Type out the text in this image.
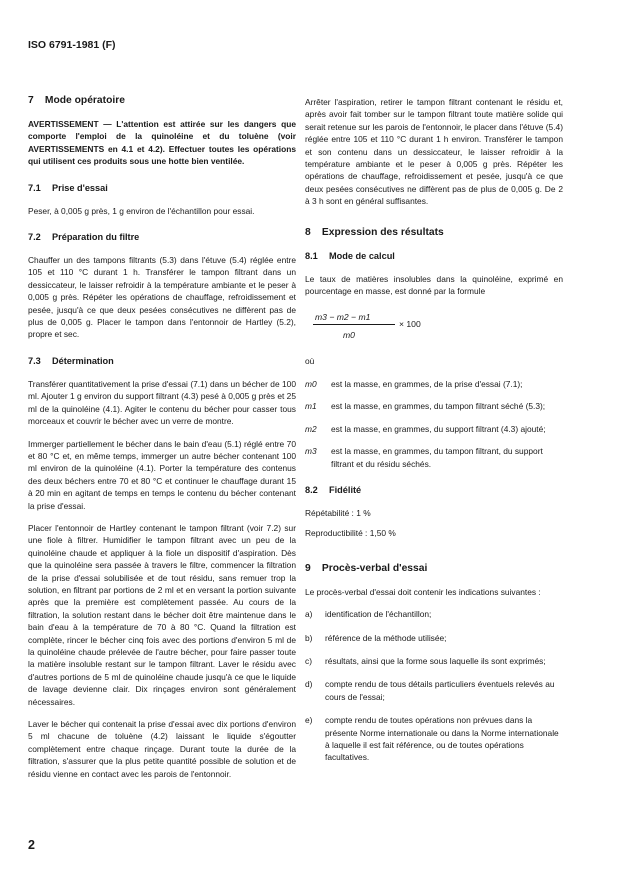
ISO 6791-1981 (F)
7 Mode opératoire

AVERTISSEMENT — L'attention est attirée sur les dangers que comporte l'emploi de la quinoléine et du toluène (voir AVERTISSEMENTS en 4.1 et 4.2). Effectuer toutes les opérations qui utilisent ces produits sous une hotte bien ventilée.

7.1 Prise d'essai

Peser, à 0,005 g près, 1 g environ de l'échantillon pour essai.

7.2 Préparation du filtre

Chauffer un des tampons filtrants (5.3) dans l'étuve (5.4) réglée entre 105 et 110 °C durant 1 h. Transférer le tampon filtrant dans un dessiccateur, le laisser refroidir à la température ambiante et le peser à 0,005 g près. Répéter les opérations de chauffage, refroidissement et pesée, jusqu'à ce que deux pesées consécutives ne diffèrent pas de plus de 0,005 g. Placer le tampon dans l'entonnoir de Hartley (5.2), propre et sec.

7.3 Détermination

Transférer quantitativement la prise d'essai (7.1) dans un bécher de 100 ml. Ajouter 1 g environ du support filtrant (4.3) pesé à 0,005 g près et 25 ml de la quinoléine (4.1). Agiter le contenu du bécher pour casser tous morceaux et couvrir le bécher avec un verre de montre.

Immerger partiellement le bécher dans le bain d'eau (5.1) réglé entre 70 et 80 °C et, en même temps, immerger un autre bécher contenant 100 ml environ de la quinoléine (4.1). Porter la température des contenus des deux béchers entre 70 et 80 °C et continuer le chauffage durant 15 à 20 min en agitant de temps en temps le contenu du bécher contenant la prise d'essai.

Placer l'entonnoir de Hartley contenant le tampon filtrant (voir 7.2) sur une fiole à filtrer. Humidifier le tampon filtrant avec un peu de la quinoléine chaude et appliquer à la fiole un dispositif d'aspiration. Dès que la quinoléine sera passée à travers le filtre, commencer la filtration de la prise d'essai solubilisée et de tout résidu, sans remuer trop la solution, en filtrant par portions de 2 ml et en versant la portion suivante après que la première est complètement passée. Au cours de la filtration, la solution restant dans le bécher doit être maintenue dans le bain d'eau à la température de 70 à 80 °C. Quand la filtration est complète, rincer le bécher cinq fois avec des portions d'environ 5 ml de la quinoléine chaude prélevée de l'autre bécher, pour faire passer toute la matière insoluble restant sur le tampon filtrant. Laver le résidu avec d'autres portions de 5 ml de quinoléine chaude jusqu'à ce que le liquide de lavage devienne clair. Dix rinçages environ sont généralement nécessaires.

Laver le bécher qui contenait la prise d'essai avec dix portions d'environ 5 ml chacune de toluène (4.2) laissant le liquide s'égoutter complètement entre chaque rinçage. Durant toute la durée de la filtration, s'assurer que la plus petite quantité possible de solution et de résidu vienne en contact avec les parois de l'entonnoir.

Arrêter l'aspiration, retirer le tampon filtrant contenant le résidu et, après avoir fait tomber sur le tampon filtrant toute matière solide qui serait retenue sur les parois de l'entonnoir, le placer dans l'étuve (5.4) réglée entre 105 et 110 °C durant 1 h environ. Transférer le tampon et son contenu dans un dessiccateur, le laisser refroidir à la température ambiante et le peser à 0,005 g près. Répéter les opérations de chauffage, refroidissement et pesée, jusqu'à ce que deux pesées consécutives ne diffèrent pas de plus de 0,005 g. De 2 à 3 h sont en général suffisantes.

8 Expression des résultats
8.1 Mode de calcul

Le taux de matières insolubles dans la quinoléine, exprimé en pourcentage en masse, est donné par la formule

m3 − m2 − m1
m0
× 100

où

m0	est la masse, en grammes, de la prise d'essai (7.1);
m1	est la masse, en grammes, du tampon filtrant séché (5.3);
m2	est la masse, en grammes, du support filtrant (4.3) ajouté;
m3	est la masse, en grammes, du tampon filtrant, du support filtrant et du résidu séchés.
8.2 Fidélité

Répétabilité : 1 %

Reproductibilité : 1,50 %

9 Procès-verbal d'essai

Le procès-verbal d'essai doit contenir les indications suivantes :

a)	identification de l'échantillon;
b)	référence de la méthode utilisée;
c)	résultats, ainsi que la forme sous laquelle ils sont exprimés;
d)	compte rendu de tous détails particuliers éventuels relevés au cours de l'essai;
e)	compte rendu de toutes opérations non prévues dans la présente Norme internationale ou dans la Norme internationale à laquelle il est fait référence, ou de toutes opérations facultatives.
2
